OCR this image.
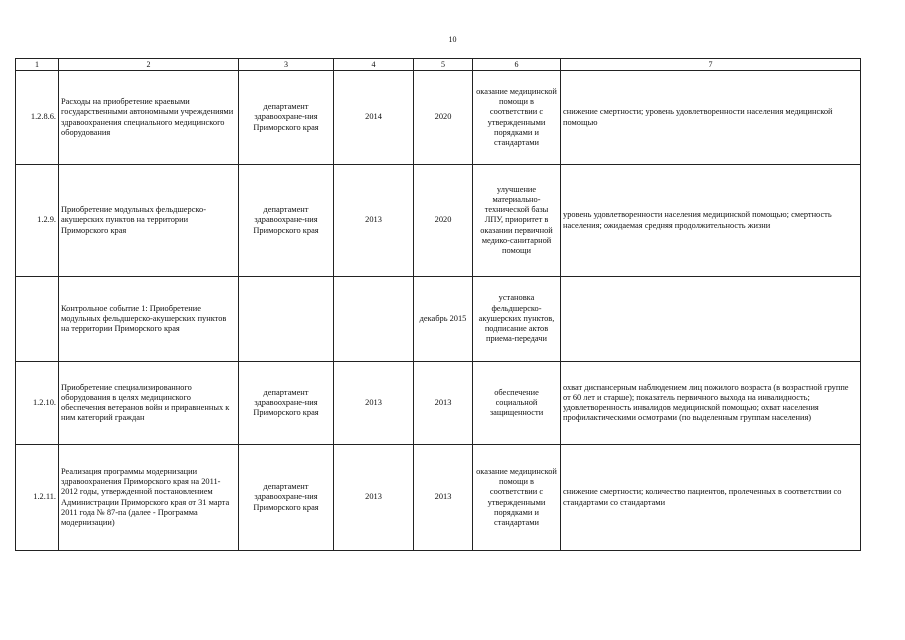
10
1	2	3	4	5	6	7
1.2.8.6.	Расходы на приобретение краевыми государственными автономными учреждениями здравоохранения специального медицинского оборудования	департамент здравоохране-ния Приморского края	2014	2020	оказание медицинской помощи в соответствии с утвержденными порядками и стандартами	снижение смертности; уровень удовлетворенности населения медицинской помощью
1.2.9.	Приобретение модульных фельдшерско-акушерских пунктов на территории Приморского края	департамент здравоохране-ния Приморского края	2013	2020	улучшение материально-технической базы ЛПУ, приоритет в оказании первичной медико-санитарной помощи	уровень удовлетворенности населения медицинской помощью; смертность населения; ожидаемая средняя продолжительность жизни
	Контрольное событие 1: Приобретение модульных фельдшерско-акушерских пунктов на территории Приморского края			декабрь 2015	установка фельдшерско-акушерских пунктов, подписание актов приема-передачи	
1.2.10.	Приобретение специализированного оборудования в целях медицинского обеспечения ветеранов войн и приравненных к ним категорий граждан	департамент здравоохране-ния Приморского края	2013	2013	обеспечение социальной защищенности	охват диспансерным наблюдением лиц пожилого возраста (в возрастной группе от 60 лет и старше); показатель первичного выхода на инвалидность; удовлетворенность инвалидов медицинской помощью; охват населения профилактическими осмотрами (по выделенным группам населения)
1.2.11.	Реализация программы модернизации здравоохранения Приморского края на 2011-2012 годы, утвержденной постановлением Администрации Приморского края от 31 марта 2011 года № 87-па (далее - Программа модернизации)	департамент здравоохране-ния Приморского края	2013	2013	оказание медицинской помощи в соответствии с утвержденными порядками и стандартами	снижение смертности; количество пациентов, пролеченных в соответствии со стандартами со стандартами
